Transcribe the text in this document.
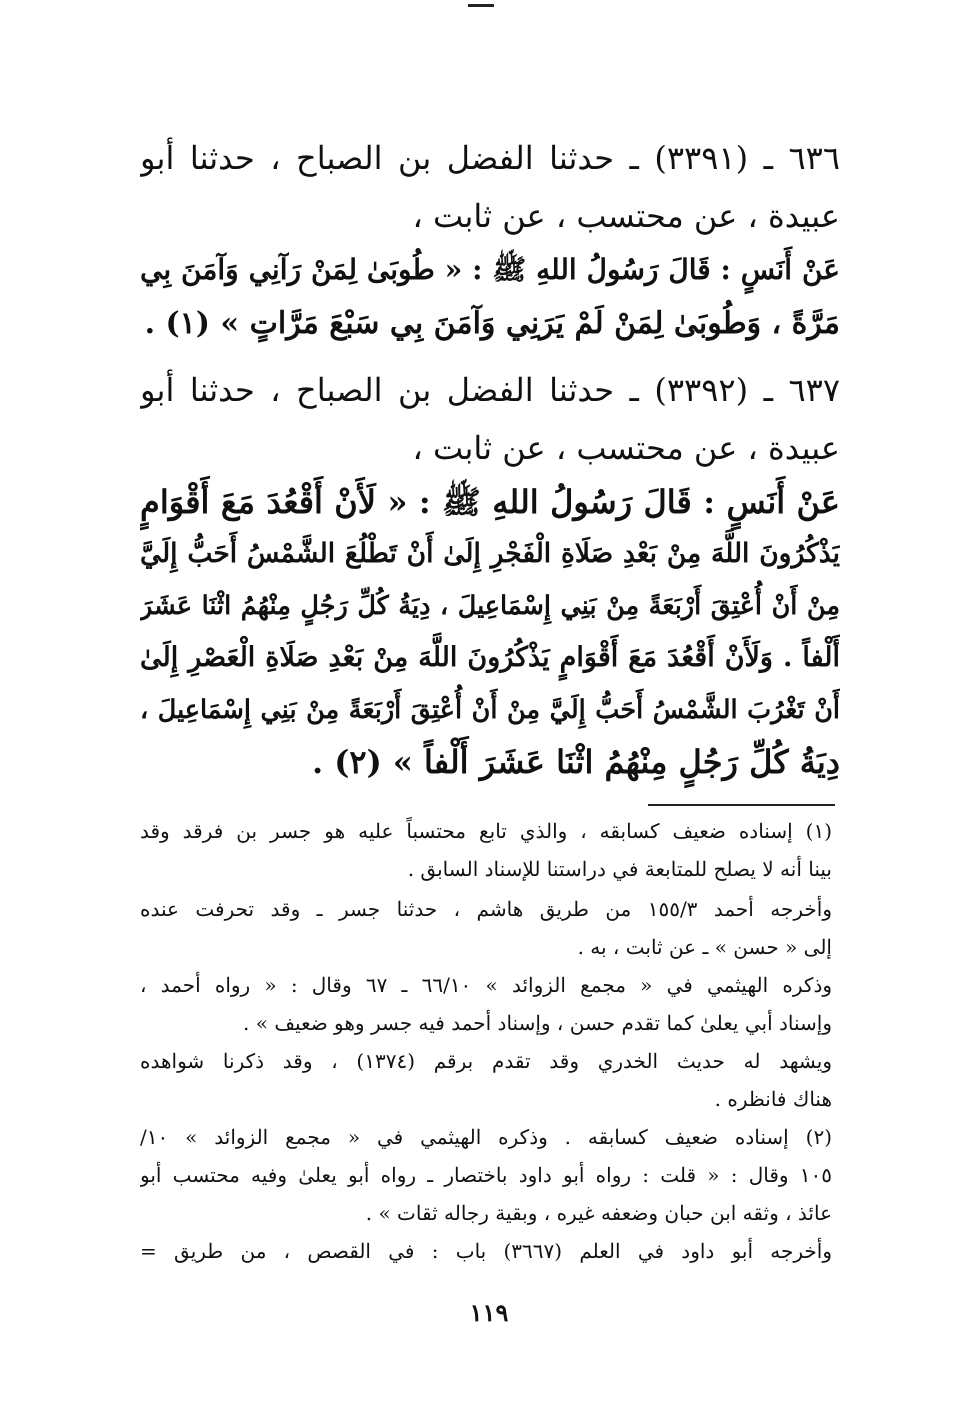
٦٣٦ ـ (٣٣٩١) ـ حدثنا الفضل بن الصباح ، حدثنا أبو
عبيدة ، عن محتسب ، عن ثابت ،
عَنْ أَنَسٍ : قَالَ رَسُولُ اللهِ ﷺ : « طُوبَىٰ لِمَنْ رَآنِي وَآمَنَ بِي
مَرَّةً ، وَطُوبَىٰ لِمَنْ لَمْ يَرَنِي وَآمَنَ بِي سَبْعَ مَرَّاتٍ » (١) .
٦٣٧ ـ (٣٣٩٢) ـ حدثنا الفضل بن الصباح ، حدثنا أبو
عبيدة ، عن محتسب ، عن ثابت ،
عَنْ أَنَسٍ : قَالَ رَسُولُ اللهِ ﷺ : « لَأَنْ أَقْعُدَ مَعَ أَقْوَامٍ
يَذْكُرُونَ اللَّهَ مِنْ بَعْدِ صَلَاةِ الْفَجْرِ إِلَىٰ أَنْ تَطْلُعَ الشَّمْسُ أَحَبُّ إِلَيَّ
مِنْ أَنْ أُعْتِقَ أَرْبَعَةً مِنْ بَنِي إِسْمَاعِيلَ ، دِيَةُ كُلِّ رَجُلٍ مِنْهُمُ اثْنَا عَشَرَ
أَلْفاً . وَلَأَنْ أَقْعُدَ مَعَ أَقْوَامٍ يَذْكُرُونَ اللَّهَ مِنْ بَعْدِ صَلَاةِ الْعَصْرِ إِلَىٰ
أَنْ تَغْرُبَ الشَّمْسُ أَحَبُّ إِلَيَّ مِنْ أَنْ أُعْتِقَ أَرْبَعَةً مِنْ بَنِي إِسْمَاعِيلَ ،
دِيَةُ كُلِّ رَجُلٍ مِنْهُمُ اثْنَا عَشَرَ أَلْفاً » (٢) .
(١) إسناده ضعيف كسابقه ، والذي تابع محتسباً عليه هو جسر بن فرقد وقد
بينا أنه لا يصلح للمتابعة في دراستنا للإسناد السابق .
وأخرجه أحمد ١٥٥/٣ من طريق هاشم ، حدثنا جسر ـ وقد تحرفت عنده
إلى « حسن » ـ عن ثابت ، به .
وذكره الهيثمي في « مجمع الزوائد » ٦٦/١٠ ـ ٦٧ وقال : « رواه أحمد ،
وإسناد أبي يعلىٰ كما تقدم حسن ، وإسناد أحمد فيه جسر وهو ضعيف » .
ويشهد له حديث الخدري وقد تقدم برقم (١٣٧٤) ، وقد ذكرنا شواهده
هناك فانظره .
(٢) إسناده ضعيف كسابقه . وذكره الهيثمي في « مجمع الزوائد » ١٠/
١٠٥ وقال : « قلت : رواه أبو داود باختصار ـ رواه أبو يعلىٰ وفيه محتسب أبو
عائذ ، وثقه ابن حبان وضعفه غيره ، وبقية رجاله ثقات » .
وأخرجه أبو داود في العلم (٣٦٦٧) باب : في القصص ، من طريق =
١١٩
